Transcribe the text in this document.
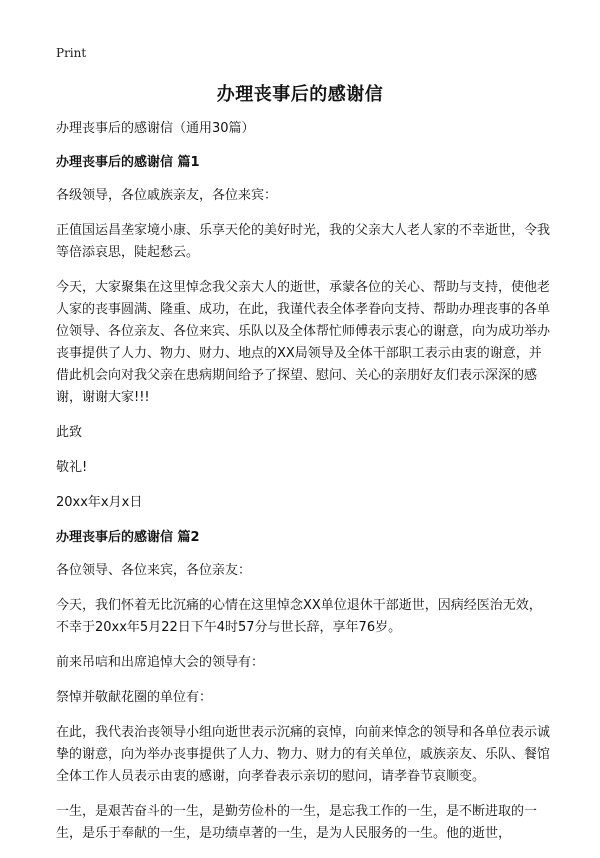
Print
办理丧事后的感谢信

办理丧事后的感谢信（通用30篇）

办理丧事后的感谢信 篇1

各级领导，各位戚族亲友，各位来宾：

正值国运昌垄家境小康、乐享天伦的美好时光，我的父亲大人老人家的不幸逝世，令我等倍添哀思，陡起愁云。

今天，大家聚集在这里悼念我父亲大人的逝世，承蒙各位的关心、帮助与支持，使他老人家的丧事圆满、隆重、成功，在此，我谨代表全体孝眷向支持、帮助办理丧事的各单位领导、各位亲友、各位来宾、乐队以及全体帮忙师傅表示衷心的谢意，向为成功举办丧事提供了人力、物力、财力、地点的XX局领导及全体干部职工表示由衷的谢意，并借此机会向对我父亲在患病期间给予了探望、慰问、关心的亲朋好友们表示深深的感谢，谢谢大家!!!

此致

敬礼!

20xx年x月x日

办理丧事后的感谢信 篇2

各位领导、各位来宾，各位亲友：

今天，我们怀着无比沉痛的心情在这里悼念XX单位退休干部逝世，因病经医治无效，不幸于20xx年5月22日下午4时57分与世长辞，享年76岁。

前来吊唁和出席追悼大会的领导有：

祭悼并敬献花圈的单位有：

在此，我代表治丧领导小组向逝世表示沉痛的哀悼，向前来悼念的领导和各单位表示诚挚的谢意，向为举办丧事提供了人力、物力、财力的有关单位，戚族亲友、乐队、餐馆全体工作人员表示由衷的感谢，向孝眷表示亲切的慰问，请孝眷节哀顺变。

一生，是艰苦奋斗的一生，是勤劳俭朴的一生，是忘我工作的一生，是不断进取的一生，是乐于奉献的一生，是功绩卓著的一生，是为人民服务的一生。他的逝世，
